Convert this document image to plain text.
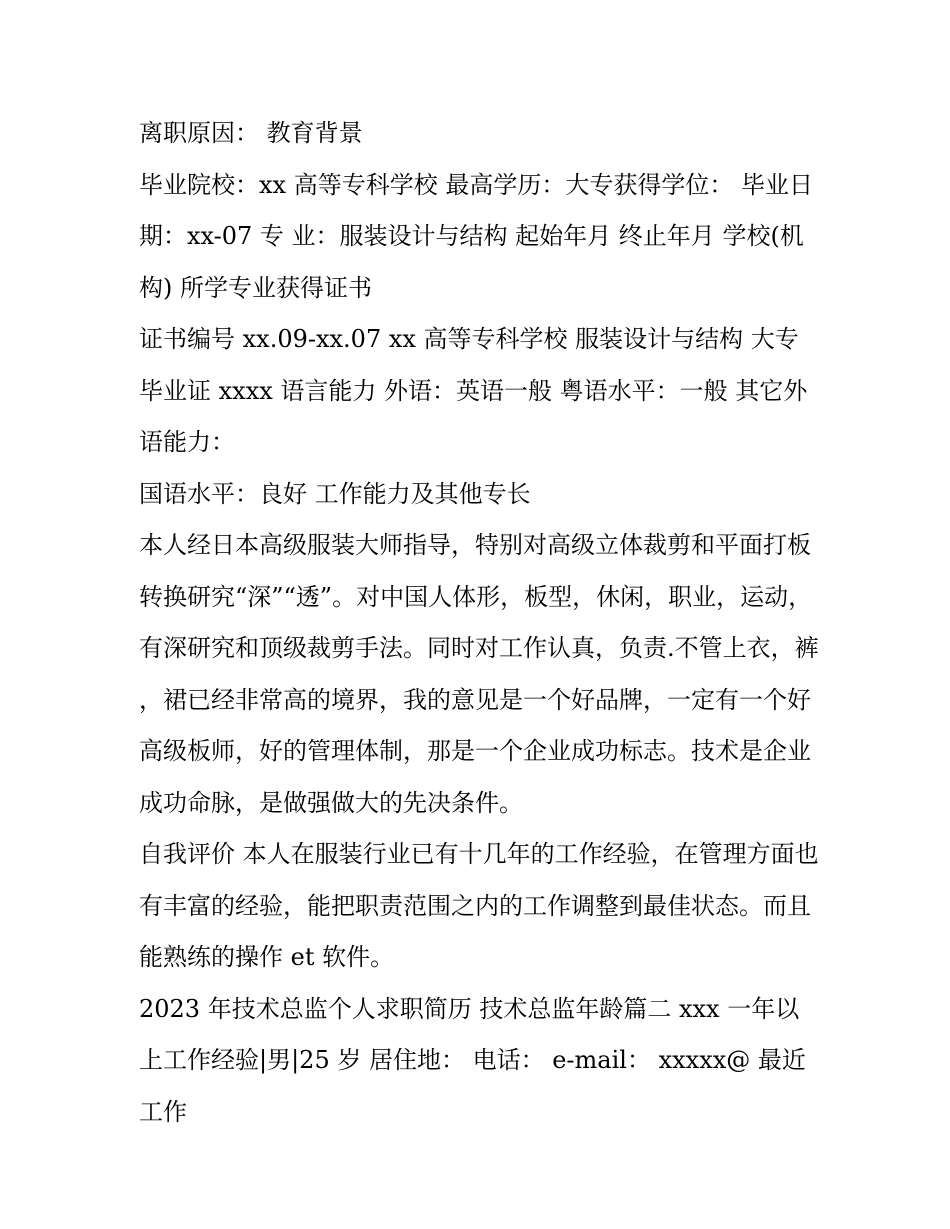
离职原因： 教育背景

毕业院校：xx 高等专科学校 最高学历：大专获得学位： 毕业日期：xx-07 专 业：服装设计与结构 起始年月 终止年月 学校(机构) 所学专业获得证书

证书编号 xx.09-xx.07 xx 高等专科学校 服装设计与结构 大专毕业证 xxxx 语言能力 外语：英语一般 粤语水平：一般 其它外语能力：

国语水平：良好 工作能力及其他专长

本人经日本高级服装大师指导，特别对高级立体裁剪和平面打板转换研究“深”“透”。对中国人体形，板型，休闲，职业，运动，有深研究和顶级裁剪手法。同时对工作认真，负责.不管上衣，裤，裙已经非常高的境界，我的意见是一个好品牌，一定有一个好高级板师，好的管理体制，那是一个企业成功标志。技术是企业成功命脉，是做强做大的先决条件。

自我评价 本人在服装行业已有十几年的工作经验，在管理方面也有丰富的经验，能把职责范围之内的工作调整到最佳状态。而且能熟练的操作 et 软件。

2023 年技术总监个人求职简历 技术总监年龄篇二 xxx 一年以上工作经验|男|25 岁 居住地： 电话： e-mail： xxxxx@ 最近工作
